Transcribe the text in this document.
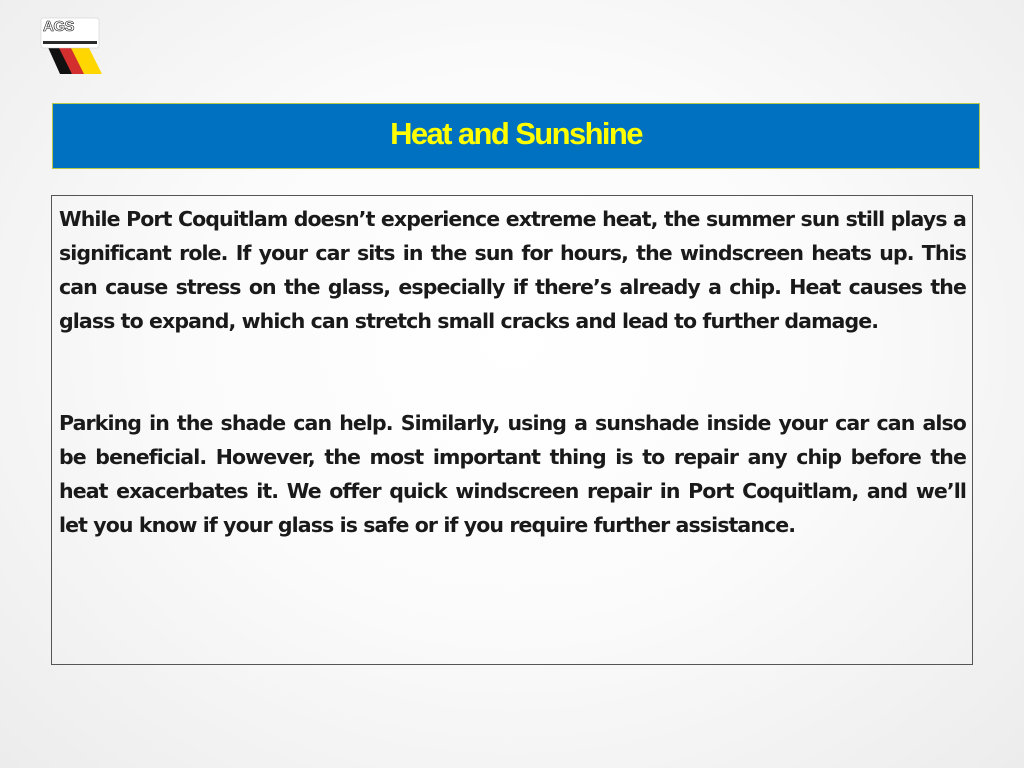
AGS
Heat and Sunshine

While Port Coquitlam doesn’t experience extreme heat, the summer sun still plays a significant role. If your car sits in the sun for hours, the windscreen heats up. This can cause stress on the glass, especially if there’s already a chip. Heat causes the glass to expand, which can stretch small cracks and lead to further damage.

Parking in the shade can help. Similarly, using a sunshade inside your car can also be beneficial. However, the most important thing is to repair any chip before the heat exacerbates it. We offer quick windscreen repair in Port Coquitlam, and we’ll let you know if your glass is safe or if you require further assistance.
